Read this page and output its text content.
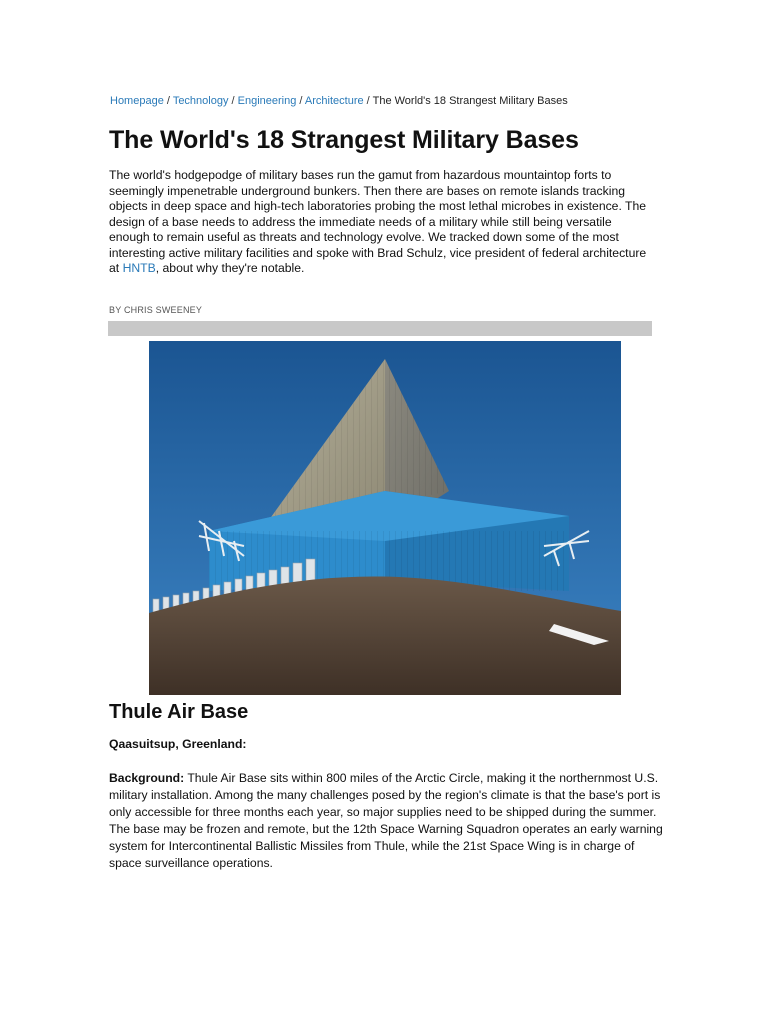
Homepage / Technology / Engineering / Architecture / The World's 18 Strangest Military Bases
The World's 18 Strangest Military Bases

The world's hodgepodge of military bases run the gamut from hazardous mountaintop forts to seemingly impenetrable underground bunkers. Then there are bases on remote islands tracking objects in deep space and high-tech laboratories probing the most lethal microbes in existence. The design of a base needs to address the immediate needs of a military while still being versatile enough to remain useful as threats and technology evolve. We tracked down some of the most interesting active military facilities and spoke with Brad Schulz, vice president of federal architecture at HNTB, about why they're notable.

BY CHRIS SWEENEY
Thule Air Base
Qaasuitsup, Greenland:

Background: Thule Air Base sits within 800 miles of the Arctic Circle, making it the northernmost U.S. military installation. Among the many challenges posed by the region's climate is that the base's port is only accessible for three months each year, so major supplies need to be shipped during the summer. The base may be frozen and remote, but the 12th Space Warning Squadron operates an early warning system for Intercontinental Ballistic Missiles from Thule, while the 21st Space Wing is in charge of space surveillance operations.
